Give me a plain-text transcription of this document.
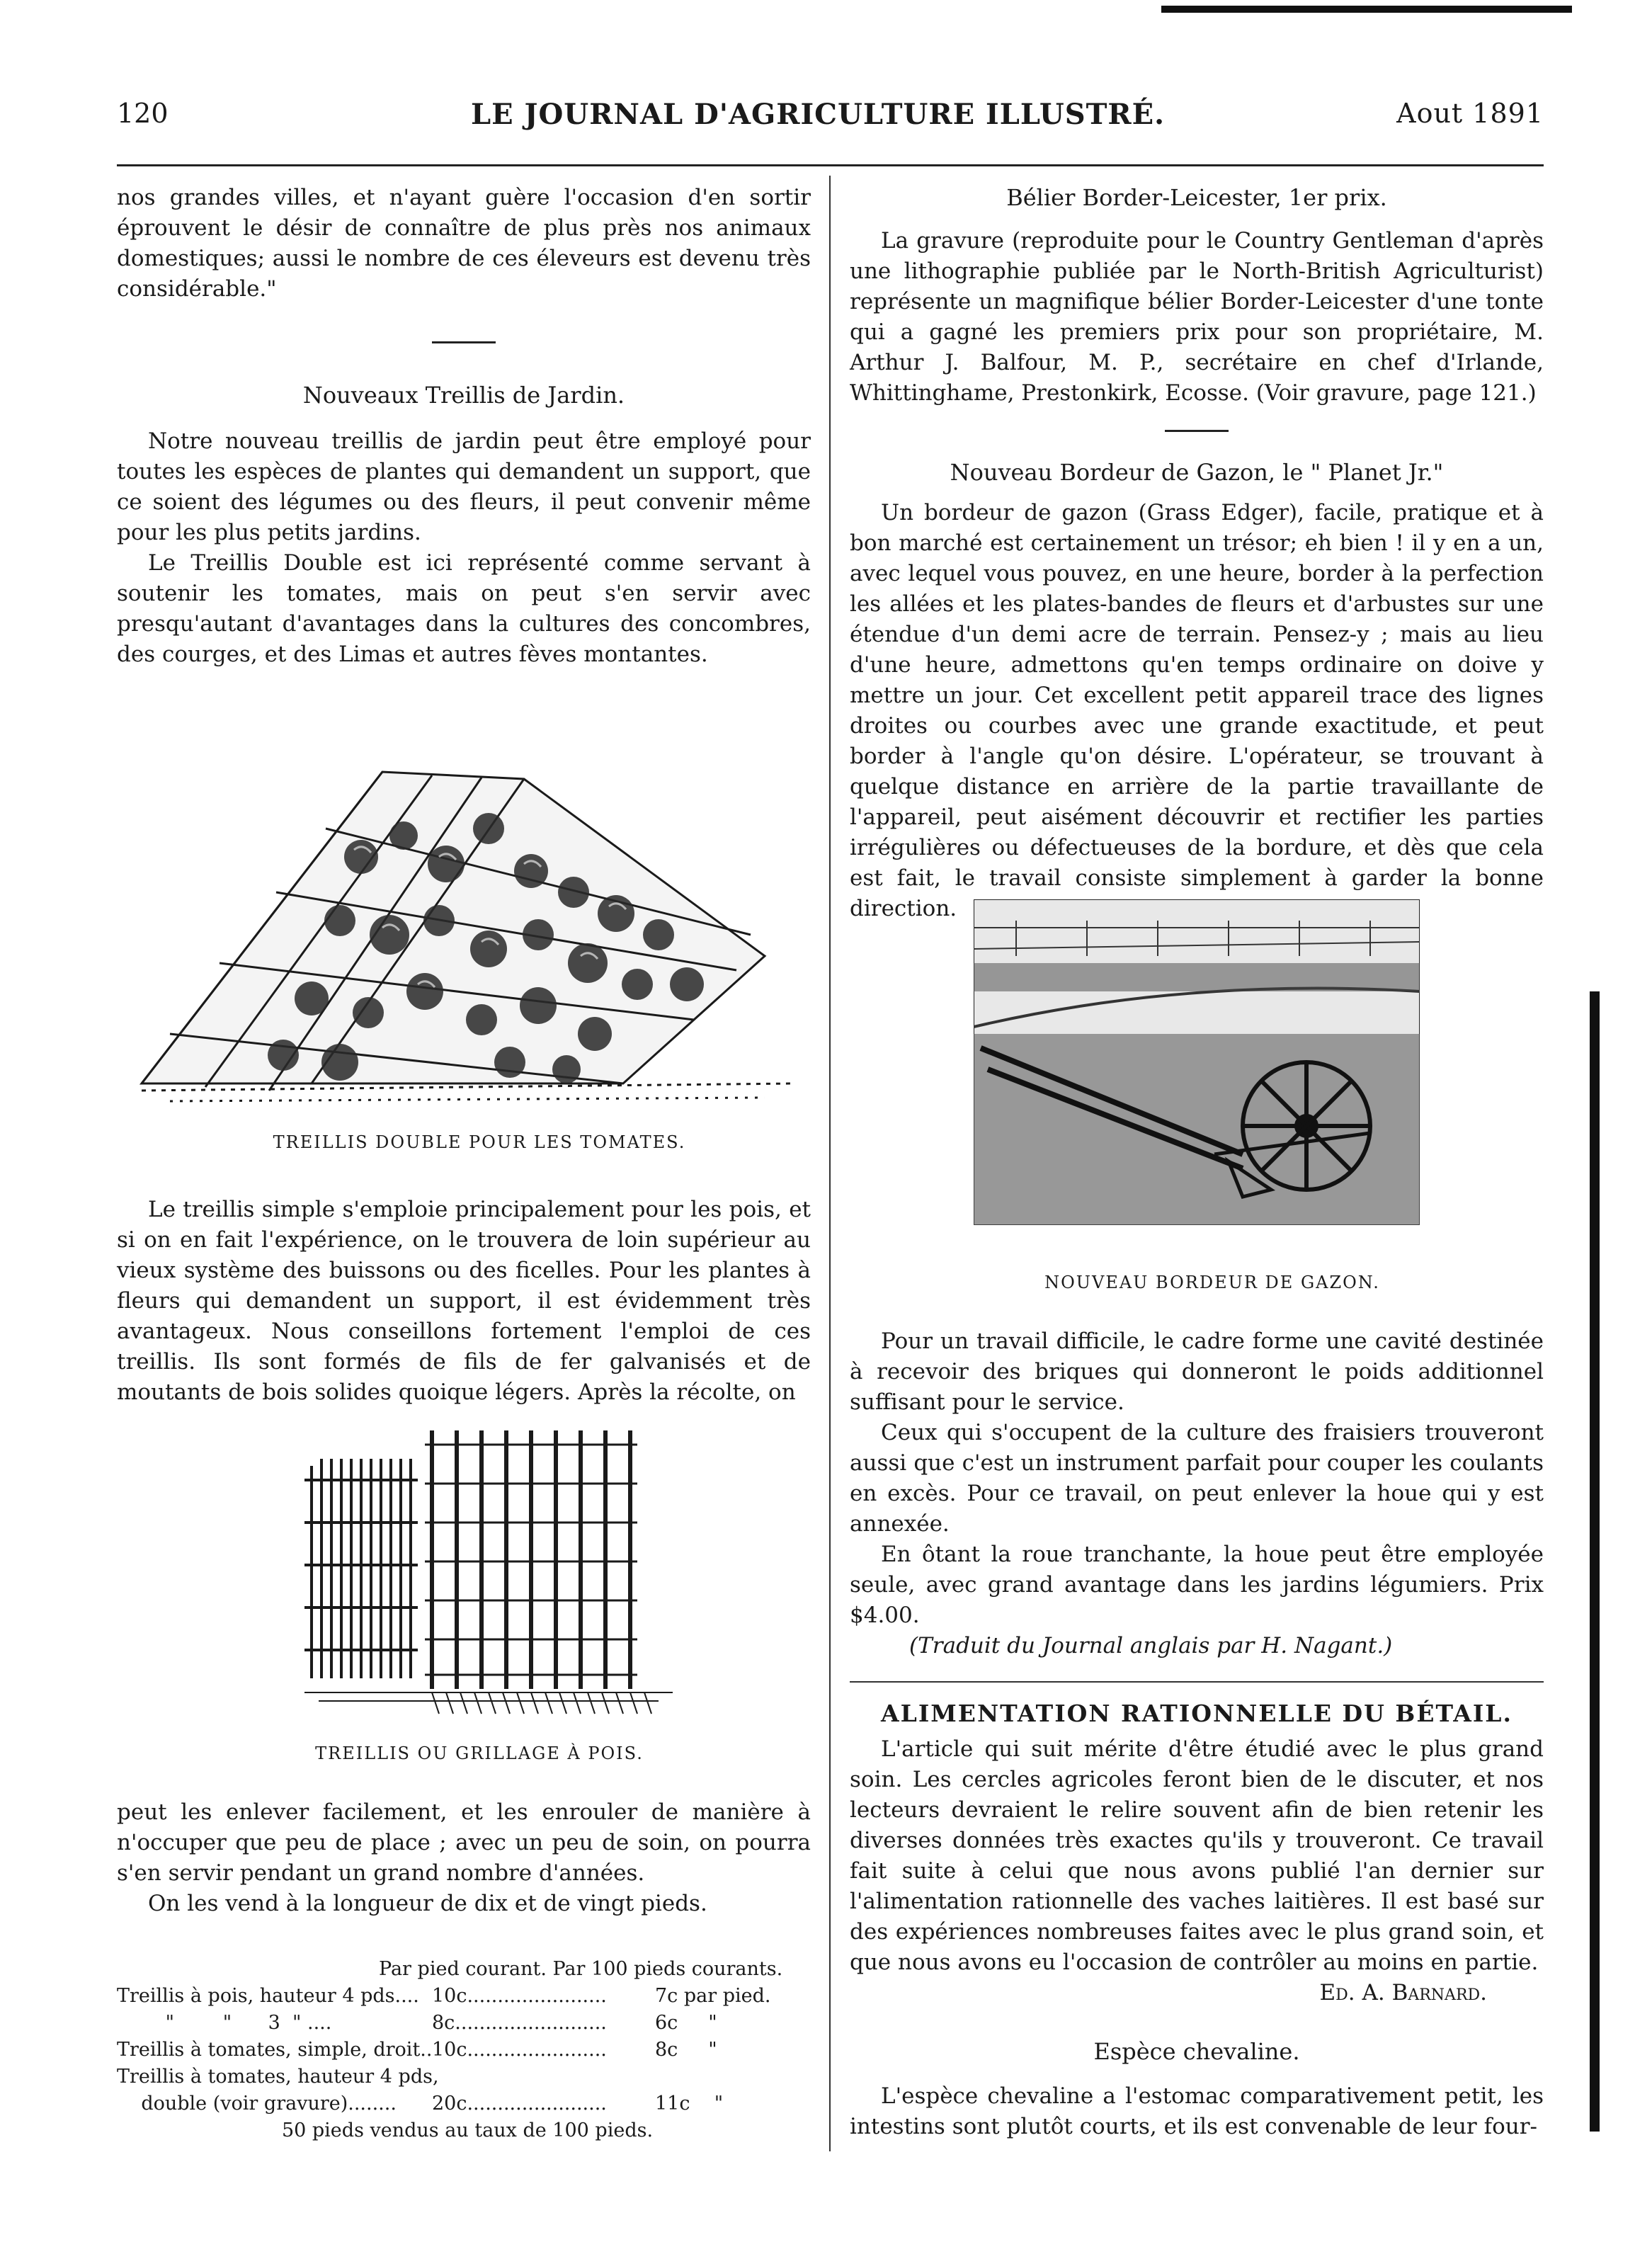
120	LE JOURNAL D'AGRICULTURE ILLUSTRÉ.	Aout 1891

nos grandes villes, et n'ayant guère l'occasion d'en sortir éprouvent le désir de connaître de plus près nos animaux domestiques; aussi le nombre de ces éleveurs est devenu très considérable."

Nouveaux Treillis de Jardin.

Notre nouveau treillis de jardin peut être employé pour toutes les espèces de plantes qui demandent un support, que ce soient des légumes ou des fleurs, il peut convenir même pour les plus petits jardins.

Le Treillis Double est ici représenté comme servant à soutenir les tomates, mais on peut s'en servir avec presqu'autant d'avantages dans la cultures des concombres, des courges, et des Limas et autres fèves montantes.

TREILLIS DOUBLE POUR LES TOMATES.

Le treillis simple s'emploie principalement pour les pois, et si on en fait l'expérience, on le trouvera de loin supérieur au vieux système des buissons ou des ficelles. Pour les plantes à fleurs qui demandent un support, il est évidemment très avantageux. Nous conseillons fortement l'emploi de ces treillis. Ils sont formés de fils de fer galvanisés et de moutants de bois solides quoique légers. Après la récolte, on

TREILLIS OU GRILLAGE À POIS.

peut les enlever facilement, et les enrouler de manière à n'occuper que peu de place ; avec un peu de soin, on pourra s'en servir pendant un grand nombre d'années.

On les vend à la longueur de dix et de vingt pieds.

Par pied courant. Par 100 pieds courants.
Treillis à pois, hauteur 4 pds.... 10c.......................	7c par pied.
"        "      3  " ....	8c.........................	6c     "
Treillis à tomates, simple, droit.. 10c.......................	8c     "
Treillis à tomates, hauteur 4 pds,
double (voir gravure)........ 20c.......................	11c    "
50 pieds vendus au taux de 100 pieds.

Bélier Border-Leicester, 1er prix.

La gravure (reproduite pour le Country Gentleman d'après une lithographie publiée par le North-British Agriculturist) représente un magnifique bélier Border-Leicester d'une tonte qui a gagné les premiers prix pour son propriétaire, M. Arthur J. Balfour, M. P., secrétaire en chef d'Irlande, Whittinghame, Prestonkirk, Ecosse. (Voir gravure, page 121.)

Nouveau Bordeur de Gazon, le " Planet Jr."

Un bordeur de gazon (Grass Edger), facile, pratique et à bon marché est certainement un trésor; eh bien ! il y en a un, avec lequel vous pouvez, en une heure, border à la perfection les allées et les plates-bandes de fleurs et d'arbustes sur une étendue d'un demi acre de terrain. Pensez-y ; mais au lieu d'une heure, admettons qu'en temps ordinaire on doive y mettre un jour. Cet excellent petit appareil trace des lignes droites ou courbes avec une grande exactitude, et peut border à l'angle qu'on désire. L'opérateur, se trouvant à quelque distance en arrière de la partie travaillante de l'appareil, peut aisément découvrir et rectifier les parties irrégulières ou défectueuses de la bordure, et dès que cela est fait, le travail consiste simplement à garder la bonne direction.

NOUVEAU BORDEUR DE GAZON.

Pour un travail difficile, le cadre forme une cavité destinée à recevoir des briques qui donneront le poids additionnel suffisant pour le service.

Ceux qui s'occupent de la culture des fraisiers trouveront aussi que c'est un instrument parfait pour couper les coulants en excès. Pour ce travail, on peut enlever la houe qui y est annexée.

En ôtant la roue tranchante, la houe peut être employée seule, avec grand avantage dans les jardins légumiers. Prix $4.00.

(Traduit du Journal anglais par H. Nagant.)

ALIMENTATION RATIONNELLE DU BÉTAIL.

L'article qui suit mérite d'être étudié avec le plus grand soin. Les cercles agricoles feront bien de le discuter, et nos lecteurs devraient le relire souvent afin de bien retenir les diverses données très exactes qu'ils y trouveront. Ce travail fait suite à celui que nous avons publié l'an dernier sur l'alimentation rationnelle des vaches laitières. Il est basé sur des expériences nombreuses faites avec le plus grand soin, et que nous avons eu l'occasion de contrôler au moins en partie.

Ed. A. Barnard.

Espèce chevaline.

L'espèce chevaline a l'estomac comparativement petit, les intestins sont plutôt courts, et ils est convenable de leur four-
